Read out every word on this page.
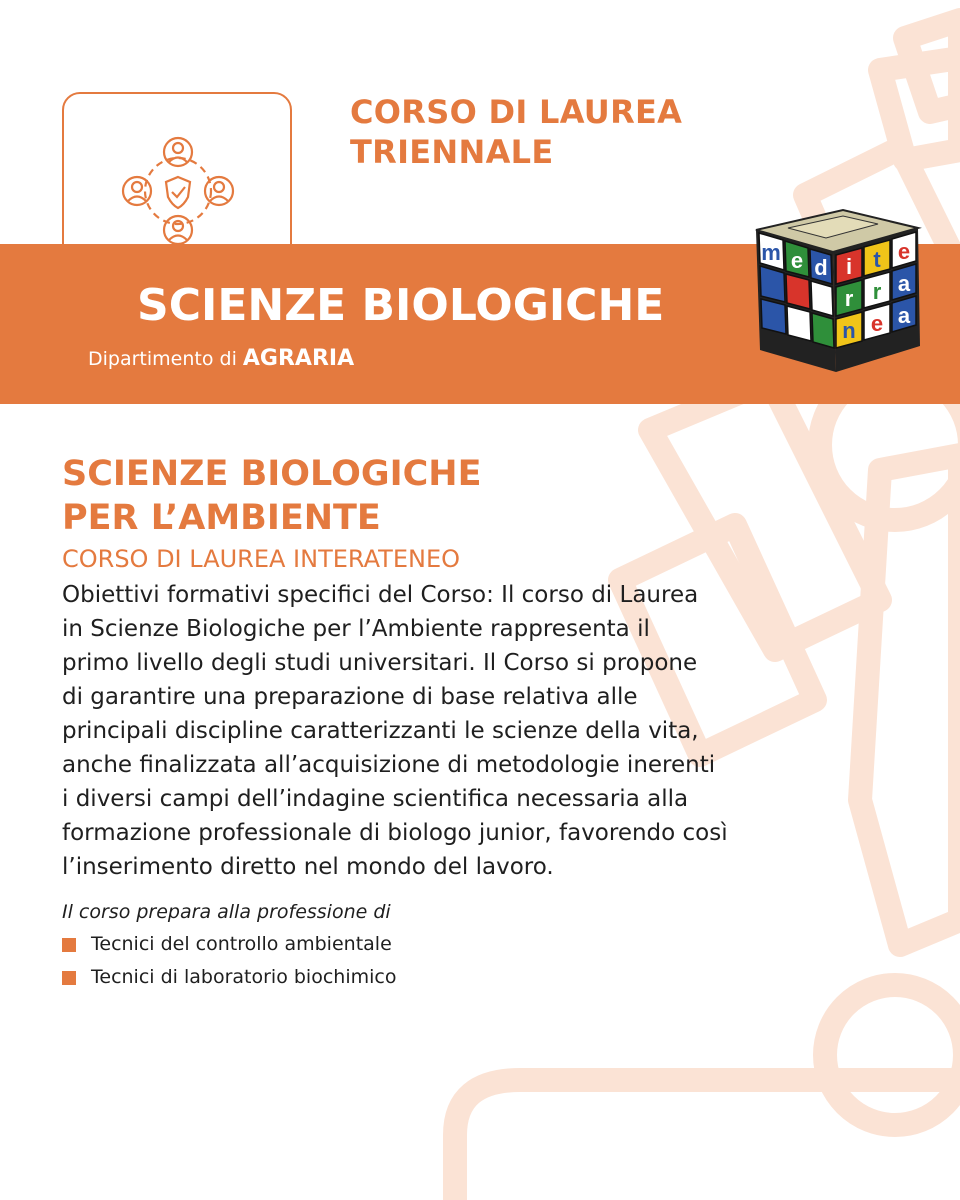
CORSO DI LAUREA
TRIENNALE
SCIENZE BIOLOGICHE
Dipartimento di AGRARIA
m e d i t e
r r a
n e a
SCIENZE BIOLOGICHE
PER L’AMBIENTE
CORSO DI LAUREA INTERATENEO
Obiettivi formativi specifici del Corso: Il corso di Laurea
in Scienze Biologiche per l’Ambiente rappresenta il
primo livello degli studi universitari. Il Corso si propone
di garantire una preparazione di base relativa alle
principali discipline caratterizzanti le scienze della vita,
anche finalizzata all’acquisizione di metodologie inerenti
i diversi campi dell’indagine scientifica necessaria alla
formazione professionale di biologo junior, favorendo così
l’inserimento diretto nel mondo del lavoro.
Il corso prepara alla professione di
Tecnici del controllo ambientale
Tecnici di laboratorio biochimico
